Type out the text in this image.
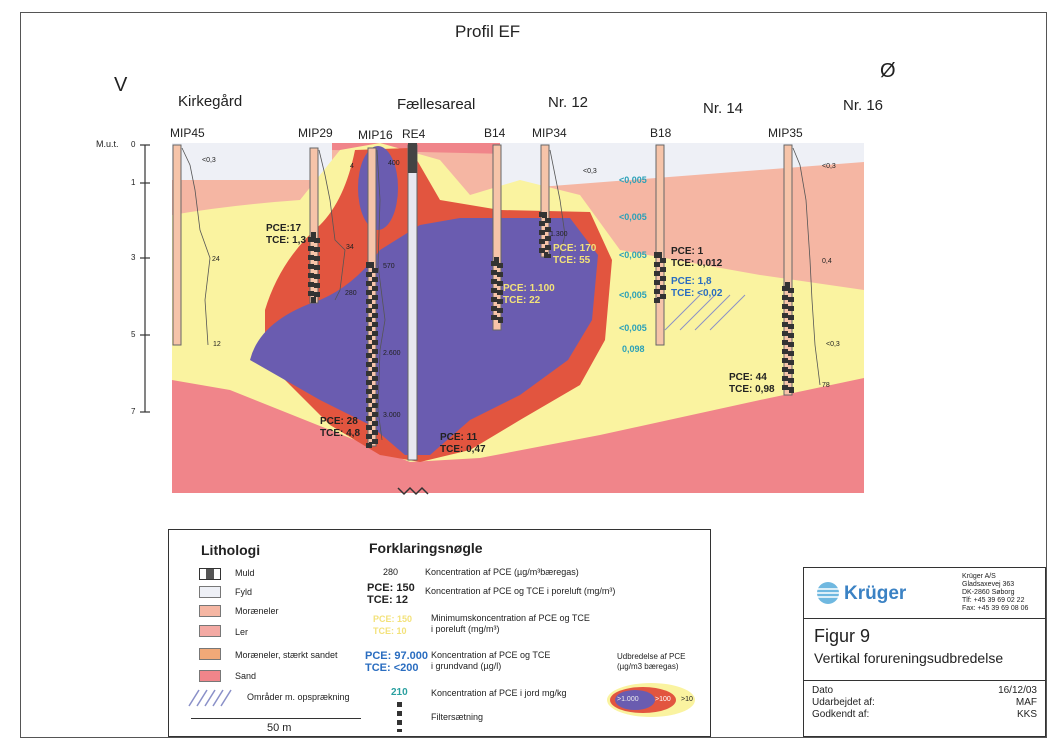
Profil EF
V
Ø
Kirkegård	Fællesareal	Nr. 12	Nr. 14	Nr. 16
M.u.t. 0
1
3
5
7
MIP45	MIP29 MIP16 RE4	B14 MIP34	B18	MIP35
<0,3
24
12
34
280
4
570
2.600
3.000
400
<0,3
1.300
0,4
<0,3
78
<0,3
PCE:17
TCE: 1,3
PCE: 28
TCE: 4,8	PCE: 11
TCE: 0,47
PCE: 170
TCE: 55
PCE: 1.100
TCE: 22
PCE: 1
TCE: 0,012
PCE: 1,8
TCE: <0,02
PCE: 44
TCE: 0,98
<0,005
<0,005
<0,005
<0,005
<0,005
0,098
Lithologi
Muld
Fyld
Moræneler
Ler
Moræneler, stærkt sandet
Sand
Områder m. opsprækning
50 m
Forklaringsnøgle
280	Koncentration af PCE (µg/m³bæregas)
PCE: 150
TCE: 12
Koncentration af PCE og TCE i poreluft (mg/m³)
PCE: 150
TCE: 10
Minimumskoncentration af PCE og TCE
i poreluft (mg/m³)
PCE: 97.000
TCE: <200
Koncentration af PCE og TCE
i grundvand (µg/l)
210	Koncentration af PCE i jord mg/kg
Filtersætning
Udbredelse af PCE
(µg/m3 bæregas)
>1.000 >100 >10
Krüger
Krüger A/S
Gladsaxevej 363
DK-2860 Søborg
Tlf: +45 39 69 02 22
Fax: +45 39 69 08 06
Figur 9
Vertikal forureningsudbredelse
Dato	16/12/03
Udarbejdet af:	MAF
Godkendt af:	KKS
